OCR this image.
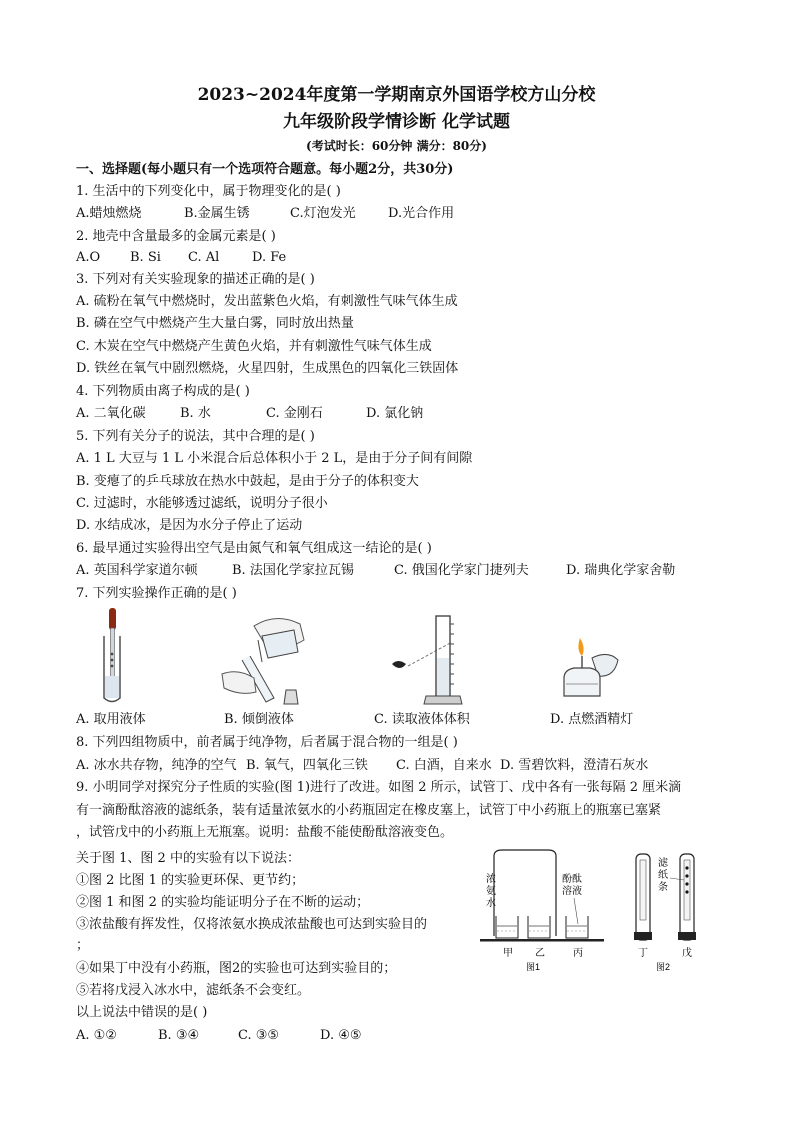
2023~2024年度第一学期南京外国语学校方山分校
九年级阶段学情诊断 化学试题
(考试时长：60分钟 满分：80分)
一、选择题(每小题只有一个选项符合题意。每小题2分，共30分)
1. 生活中的下列变化中，属于物理变化的是( )
A.蜡烛燃烧	B.金属生锈	C.灯泡发光 D.光合作用
2. 地壳中含量最多的金属元素是( )
A.O B. Si C. Al	D. Fe
3. 下列对有关实验现象的描述正确的是( )
A. 硫粉在氧气中燃烧时，发出蓝紫色火焰，有刺激性气味气体生成
B. 磷在空气中燃烧产生大量白雾，同时放出热量
C. 木炭在空气中燃烧产生黄色火焰，并有刺激性气味气体生成
D. 铁丝在氧气中剧烈燃烧，火星四射，生成黑色的四氧化三铁固体
4. 下列物质由离子构成的是( )
A. 二氧化碳	B. 水	C. 金刚石	D. 氯化钠
5. 下列有关分子的说法，其中合理的是( )
A. 1 L 大豆与 1 L 小米混合后总体积小于 2 L，是由于分子间有间隙
B. 变瘪了的乒乓球放在热水中鼓起，是由于分子的体积变大
C. 过滤时，水能够透过滤纸，说明分子很小
D. 水结成冰，是因为水分子停止了运动
6. 最早通过实验得出空气是由氮气和氧气组成这一结论的是( )
A. 英国科学家道尔顿	B. 法国化学家拉瓦锡	C. 俄国化学家门捷列夫	D. 瑞典化学家舍勒
7. 下列实验操作正确的是( )
A. 取用液体	B. 倾倒液体	C. 读取液体体积	D. 点燃酒精灯
8. 下列四组物质中，前者属于纯净物，后者属于混合物的一组是( )
A. 冰水共存物，纯净的空气 B. 氧气，四氧化三铁 C. 白酒，自来水 D. 雪碧饮料，澄清石灰水
9. 小明同学对探究分子性质的实验(图 1)进行了改进。如图 2 所示，试管丁、戊中各有一张每隔 2 厘米滴
有一滴酚酞溶液的滤纸条，装有适量浓氨水的小药瓶固定在橡皮塞上，试管丁中小药瓶上的瓶塞已塞紧
，试管戊中的小药瓶上无瓶塞。说明：盐酸不能使酚酞溶液变色。
关于图 1、图 2 中的实验有以下说法：
①图 2 比图 1 的实验更环保、更节约；
②图 1 和图 2 的实验均能证明分子在不断的运动；
③浓盐酸有挥发性，仅将浓氨水换成浓盐酸也可达到实验目的
；
④如果丁中没有小药瓶，图2的实验也可达到实验目的；
⑤若将戊浸入冰水中，滤纸条不会变红。
以上说法中错误的是( )
A. ①②	B. ③④	C. ③⑤	D. ④⑤
浓
氨
水
酚酞
溶液
甲 乙	丙
图1
滤
纸
条
丁	戊
图2
